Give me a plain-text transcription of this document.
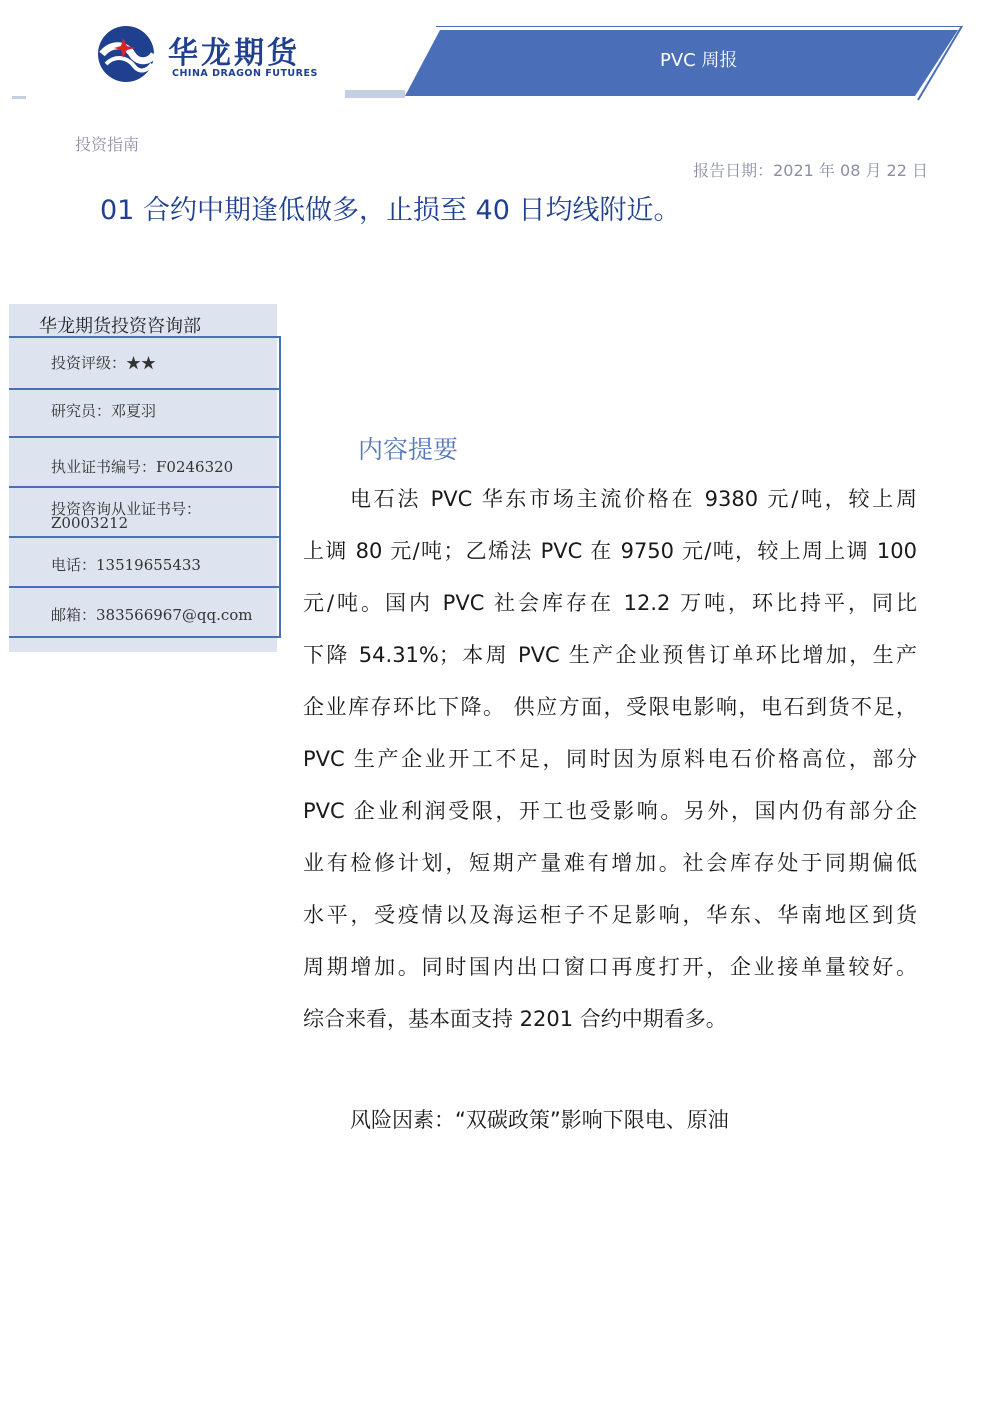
华龙期货
CHINA DRAGON FUTURES
PVC 周报
投资指南
报告日期：2021 年 08 月 22 日
01 合约中期逢低做多，止损至 40 日均线附近。
华龙期货投资咨询部
投资评级：★★
研究员：邓夏羽
执业证书编号：F0246320
投资咨询从业证书号：
Z0003212
电话：13519655433
邮箱：383566967@qq.com
内容提要
电石法 PVC 华东市场主流价格在 9380 元/吨，较上周
上调 80 元/吨；乙烯法 PVC 在 9750 元/吨，较上周上调 100
元/吨。国内 PVC 社会库存在 12.2 万吨，环比持平，同比
下降 54.31%；本周 PVC 生产企业预售订单环比增加，生产
企业库存环比下降。 供应方面，受限电影响，电石到货不足，
PVC 生产企业开工不足，同时因为原料电石价格高位，部分
PVC 企业利润受限，开工也受影响。另外，国内仍有部分企
业有检修计划，短期产量难有增加。社会库存处于同期偏低
水平，受疫情以及海运柜子不足影响，华东、华南地区到货
周期增加。同时国内出口窗口再度打开，企业接单量较好。
综合来看，基本面支持 2201 合约中期看多。
风险因素：“双碳政策”影响下限电、原油
